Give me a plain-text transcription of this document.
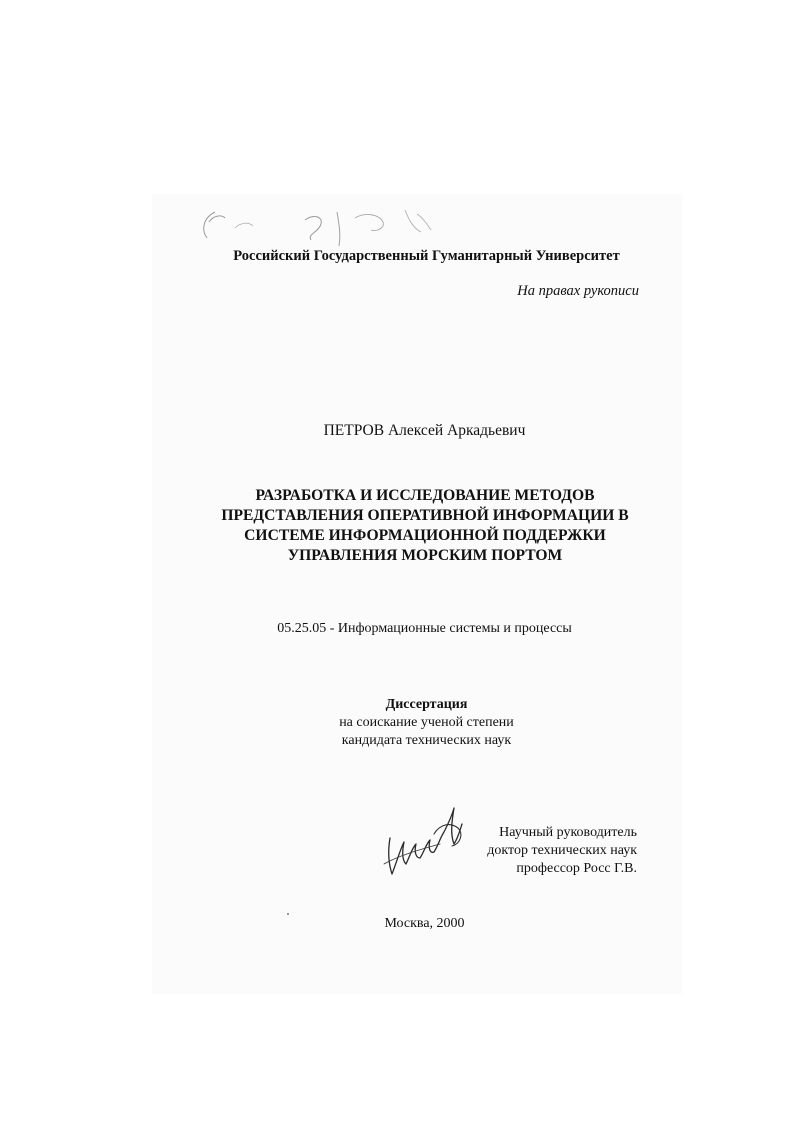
Российский Государственный Гуманитарный Университет

На правах рукописи

ПЕТРОВ Алексей Аркадьевич

РАЗРАБОТКА И ИССЛЕДОВАНИЕ МЕТОДОВ
ПРЕДСТАВЛЕНИЯ ОПЕРАТИВНОЙ ИНФОРМАЦИИ В
СИСТЕМЕ ИНФОРМАЦИОННОЙ ПОДДЕРЖКИ
УПРАВЛЕНИЯ МОРСКИМ ПОРТОМ

05.25.05 - Информационные системы и процессы

Диссертация
на соискание ученой степени
кандидата технических наук
Научный руководитель
доктор технических наук
профессор Росс Г.В.

Москва, 2000
